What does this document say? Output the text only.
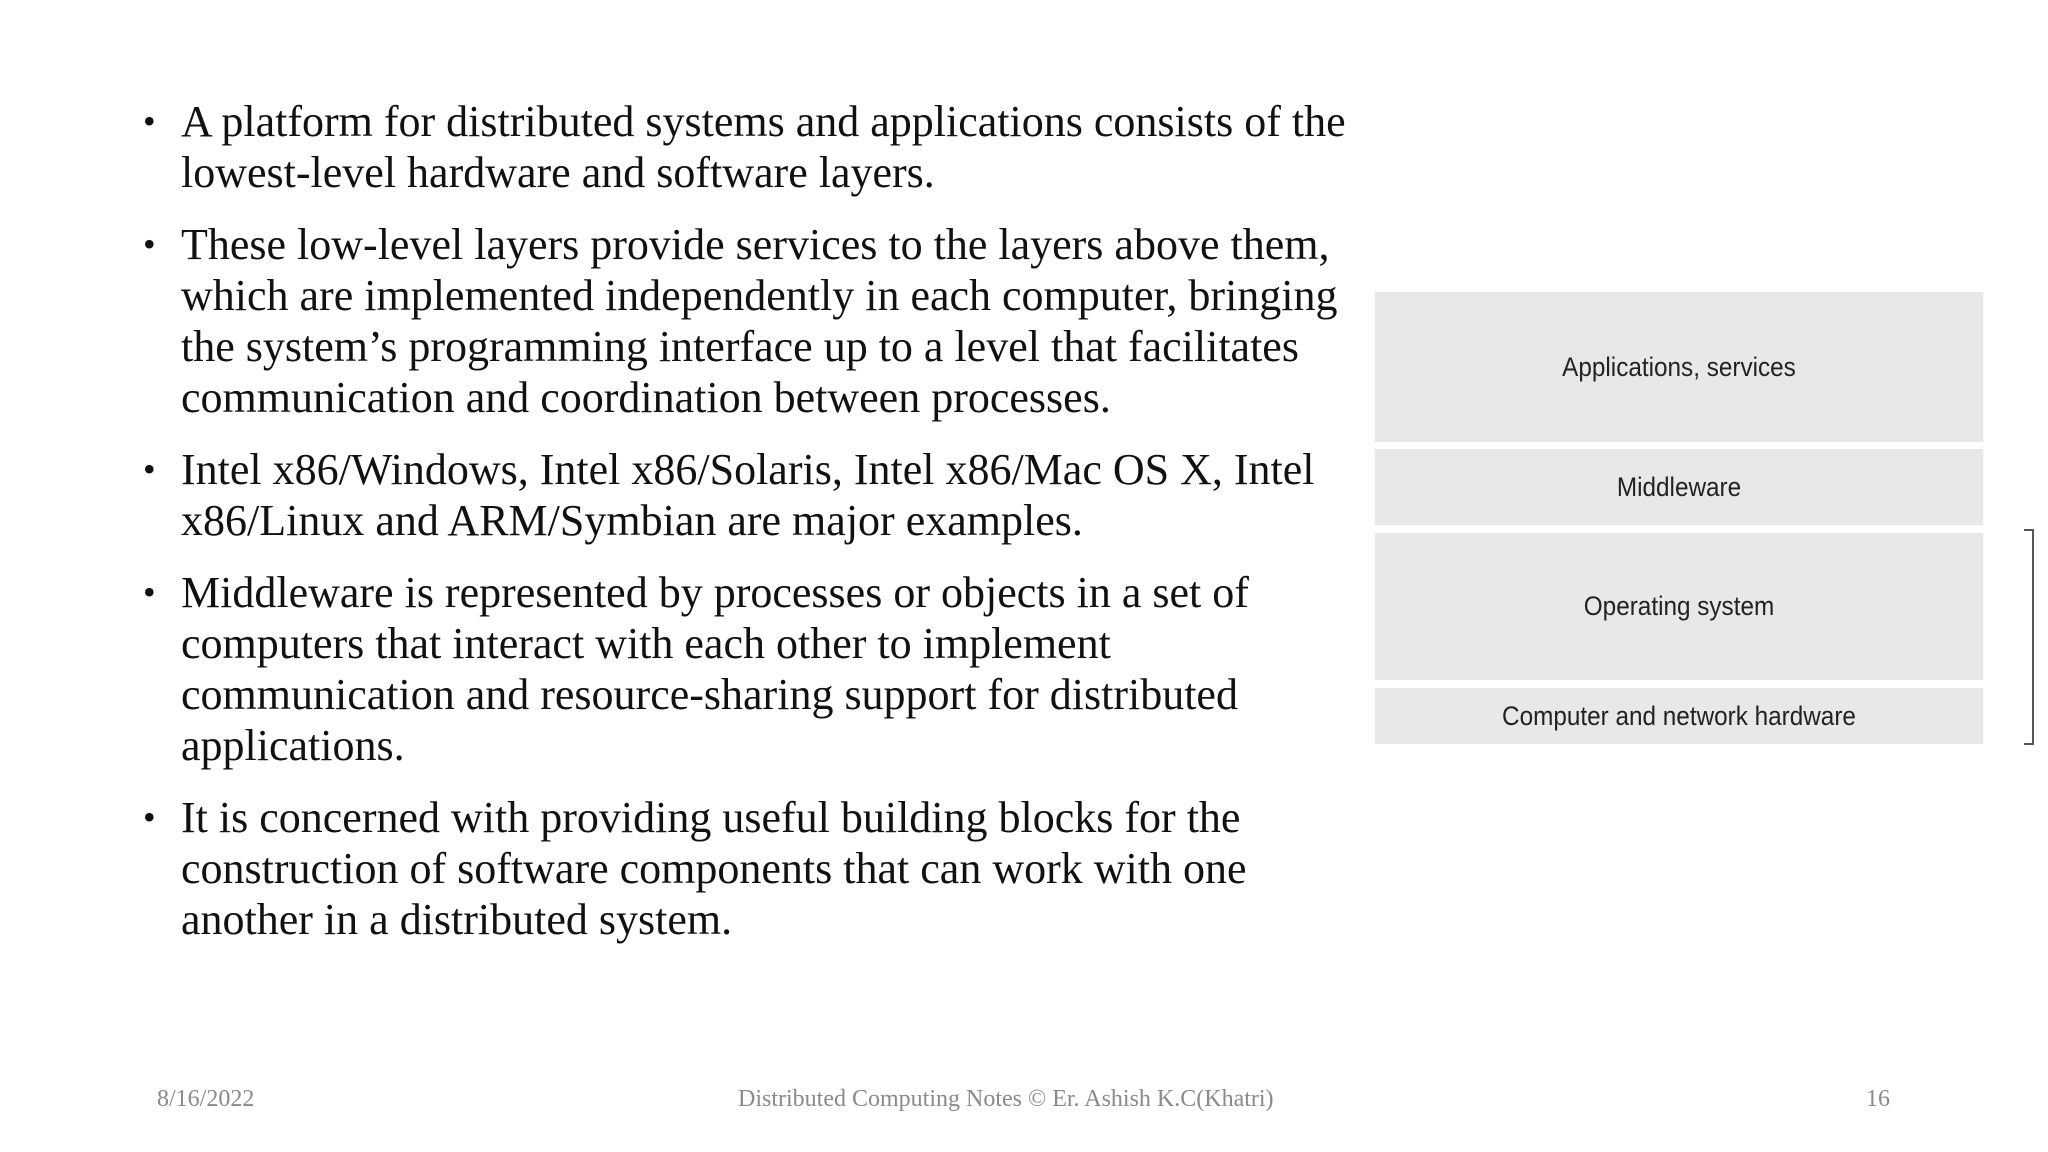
• A platform for distributed systems and applications consists of the lowest-level hardware and software layers.
• These low-level layers provide services to the layers above them, which are implemented independently in each computer, bringing the system’s programming interface up to a level that facilitates communication and coordination between processes.
• Intel x86/Windows, Intel x86/Solaris, Intel x86/Mac OS X, Intel x86/Linux and ARM/Symbian are major examples.
• Middleware is represented by processes or objects in a set of computers that interact with each other to implement communication and resource-sharing support for distributed applications.
• It is concerned with providing useful building blocks for the construction of software components that can work with one another in a distributed system.
Applications, services
Middleware
Operating system
Computer and network hardware
8/16/2022	Distributed Computing Notes © Er. Ashish K.C(Khatri)	16
